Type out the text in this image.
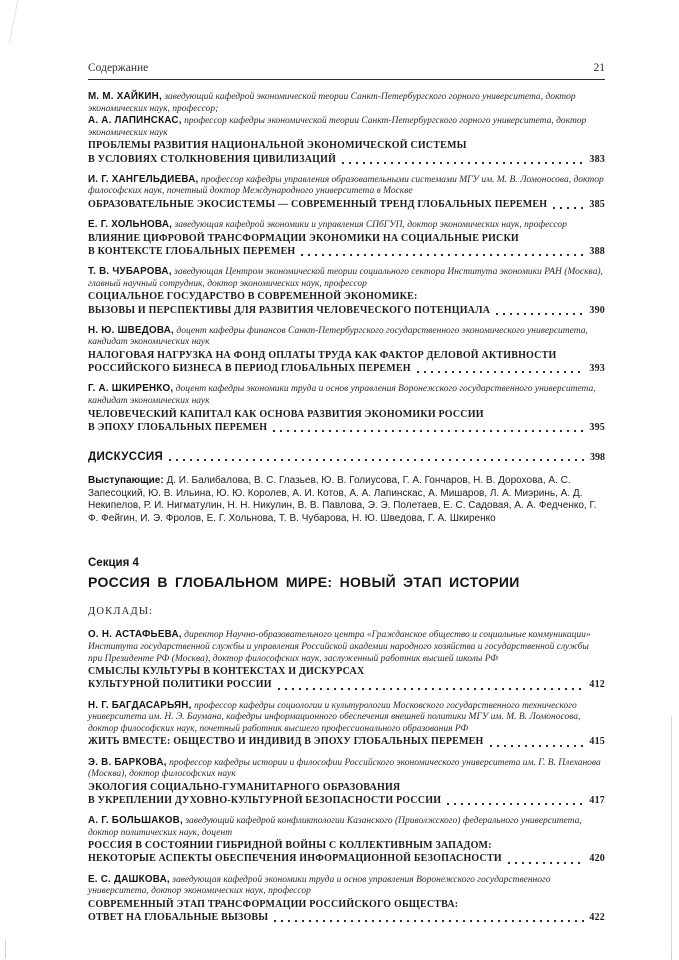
Содержание	21

М. М. ХАЙКИН, заведующий кафедрой экономической теории Санкт-Петербургского горного университета, доктор экономических наук, профессор;

А. А. ЛАПИНСКАС, профессор кафедры экономической теории Санкт-Петербургского горного университета, доктор экономических наук

ПРОБЛЕМЫ РАЗВИТИЯ НАЦИОНАЛЬНОЙ ЭКОНОМИЧЕСКОЙ СИСТЕМЫ
В УСЛОВИЯХ СТОЛКНОВЕНИЯ ЦИВИЛИЗАЦИЙ	383

И. Г. ХАНГЕЛЬДИЕВА, профессор кафедры управления образовательными системами МГУ им. М. В. Ломоносова, доктор философских наук, почетный доктор Международного университета в Москве

ОБРАЗОВАТЕЛЬНЫЕ ЭКОСИСТЕМЫ — СОВРЕМЕННЫЙ ТРЕНД ГЛОБАЛЬНЫХ ПЕРЕМЕН	385

Е. Г. ХОЛЬНОВА, заведующая кафедрой экономики и управления СПбГУП, доктор экономических наук, профессор

ВЛИЯНИЕ ЦИФРОВОЙ ТРАНСФОРМАЦИИ ЭКОНОМИКИ НА СОЦИАЛЬНЫЕ РИСКИ
В КОНТЕКСТЕ ГЛОБАЛЬНЫХ ПЕРЕМЕН	388

Т. В. ЧУБАРОВА, заведующая Центром экономической теории социального сектора Института экономики РАН (Москва), главный научный сотрудник, доктор экономических наук, профессор

СОЦИАЛЬНОЕ ГОСУДАРСТВО В СОВРЕМЕННОЙ ЭКОНОМИКЕ:
ВЫЗОВЫ И ПЕРСПЕКТИВЫ ДЛЯ РАЗВИТИЯ ЧЕЛОВЕЧЕСКОГО ПОТЕНЦИАЛА	390

Н. Ю. ШВЕДОВА, доцент кафедры финансов Санкт-Петербургского государственного экономического университета, кандидат экономических наук

НАЛОГОВАЯ НАГРУЗКА НА ФОНД ОПЛАТЫ ТРУДА КАК ФАКТОР ДЕЛОВОЙ АКТИВНОСТИ
РОССИЙСКОГО БИЗНЕСА В ПЕРИОД ГЛОБАЛЬНЫХ ПЕРЕМЕН	393

Г. А. ШКИРЕНКО, доцент кафедры экономики труда и основ управления Воронежского государственного университета, кандидат экономических наук

ЧЕЛОВЕЧЕСКИЙ КАПИТАЛ КАК ОСНОВА РАЗВИТИЯ ЭКОНОМИКИ РОССИИ
В ЭПОХУ ГЛОБАЛЬНЫХ ПЕРЕМЕН	395
ДИСКУССИЯ	398

Выступающие: Д. И. Балибалова, В. С. Глазьев, Ю. В. Голиусова, Г. А. Гончаров, Н. В. Дорохова, А. С. Запесоцкий, Ю. В. Ильина, Ю. Ю. Королев, А. И. Котов, А. А. Лапинскас, А. Мишаров, Л. А. Миэринь, А. Д. Некипелов, Р. И. Нигматулин, Н. Н. Никулин, В. В. Павлова, Э. Э. Полетаев, Е. С. Садовая, А. А. Федченко, Г. Ф. Фейгин, И. Э. Фролов, Е. Г. Хольнова, Т. В. Чубарова, Н. Ю. Шведова, Г. А. Шкиренко

Секция 4
РОССИЯ В ГЛОБАЛЬНОМ МИРЕ: НОВЫЙ ЭТАП ИСТОРИИ
ДОКЛАДЫ:

О. Н. АСТАФЬЕВА, директор Научно-образовательного центра «Гражданское общество и социальные коммуникации» Института государственной службы и управления Российской академии народного хозяйства и государственной службы при Президенте РФ (Москва), доктор философских наук, заслуженный работник высшей школы РФ

СМЫСЛЫ КУЛЬТУРЫ В КОНТЕКСТАХ И ДИСКУРСАХ
КУЛЬТУРНОЙ ПОЛИТИКИ РОССИИ	412

Н. Г. БАГДАСАРЬЯН, профессор кафедры социологии и культурологии Московского государственного технического университета им. Н. Э. Баумана, кафедры информационного обеспечения внешней политики МГУ им. М. В. Ломоносова, доктор философских наук, почетный работник высшего профессионального образования РФ

ЖИТЬ ВМЕСТЕ: ОБЩЕСТВО И ИНДИВИД В ЭПОХУ ГЛОБАЛЬНЫХ ПЕРЕМЕН	415

Э. В. БАРКОВА, профессор кафедры истории и философии Российского экономического университета им. Г. В. Плеханова (Москва), доктор философских наук

ЭКОЛОГИЯ СОЦИАЛЬНО-ГУМАНИТАРНОГО ОБРАЗОВАНИЯ
В УКРЕПЛЕНИИ ДУХОВНО-КУЛЬТУРНОЙ БЕЗОПАСНОСТИ РОССИИ	417

А. Г. БОЛЬШАКОВ, заведующий кафедрой конфликтологии Казанского (Приволжского) федерального университета, доктор политических наук, доцент

РОССИЯ В СОСТОЯНИИ ГИБРИДНОЙ ВОЙНЫ С КОЛЛЕКТИВНЫМ ЗАПАДОМ:
НЕКОТОРЫЕ АСПЕКТЫ ОБЕСПЕЧЕНИЯ ИНФОРМАЦИОННОЙ БЕЗОПАСНОСТИ	420

Е. С. ДАШКОВА, заведующая кафедрой экономики труда и основ управления Воронежского государственного университета, доктор экономических наук, профессор

СОВРЕМЕННЫЙ ЭТАП ТРАНСФОРМАЦИИ РОССИЙСКОГО ОБЩЕСТВА:
ОТВЕТ НА ГЛОБАЛЬНЫЕ ВЫЗОВЫ	422
